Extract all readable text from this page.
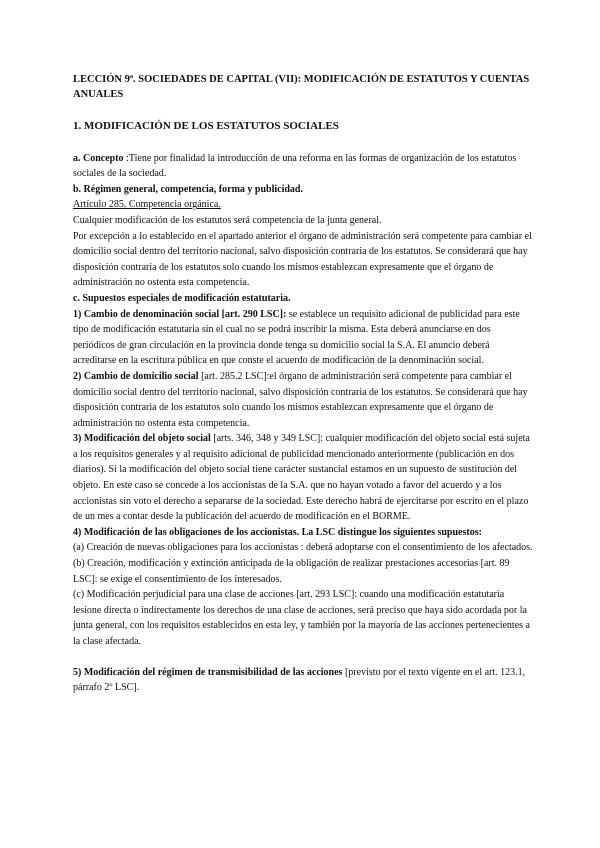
LECCIÓN 9ª. SOCIEDADES DE CAPITAL (VII): MODIFICACIÓN DE ESTATUTOS Y CUENTAS ANUALES

1. MODIFICACIÓN DE LOS ESTATUTOS SOCIALES

a. Concepto :Tiene por finalidad la introducción de una reforma en las formas de organización de los estatutos sociales de la sociedad.

b. Régimen general, competencia, forma y publicidad.

Artículo 285. Competencia orgánica.

Cualquier modificación de los estatutos será competencia de la junta general.

Por excepción a lo establecido en el apartado anterior el órgano de administración será competente para cambiar el domicilio social dentro del territorio nacional, salvo disposición contraria de los estatutos. Se considerará que hay disposición contraria de los estatutos solo cuando los mismos establezcan expresamente que el órgano de administración no ostenta esta competencia.

c. Supuestos especiales de modificación estatutaria.

1) Cambio de denominación social [art. 290 LSC]: se establece un requisito adicional de publicidad para este tipo de modificación estatutaria sin el cual no se podrá inscribir la misma. Esta deberá anunciarse en dos periódicos de gran circulación en la provincia donde tenga su domicilio social la S.A. El anuncio deberá acreditarse en la escritura pública en que conste el acuerdo de modificación de la denominación social.

2) Cambio de domicilio social [art. 285.2 LSC]:el órgano de administración será competente para cambiar el domicilio social dentro del territorio nacional, salvo disposición contraria de los estatutos. Se considerará que hay disposición contraria de los estatutos solo cuando los mismos establezcan expresamente que el órgano de administración no ostenta esta competencia.

3) Modificación del objeto social [arts. 346, 348 y 349 LSC]: cualquier modificación del objeto social está sujeta a los requisitos generales y al requisito adicional de publicidad mencionado anteriormente (publicación en dos diarios). Si la modificación del objeto social tiene carácter sustancial estamos en un supuesto de sustitución del objeto. En este caso se concede a los accionistas de la S.A. que no hayan votado a favor del acuerdo y a los accionistas sin voto el derecho a separarse de la sociedad. Este derecho habrá de ejercitarse por escrito en el plazo de un mes a contar desde la publicación del acuerdo de modificación en el BORME.

4) Modificación de las obligaciones de los accionistas. La LSC distingue los siguientes supuestos:

(a) Creación de nuevas obligaciones para los accionistas : deberá adoptarse con el consentimiento de los afectados.

(b) Creación, modificación y extinción anticipada de la obligación de realizar prestaciones accesorias [art. 89 LSC]: se exige el consentimiento de los interesados.

(c) Modificación perjudicial para una clase de acciones [art. 293 LSC]: cuando una modificación estatutaria lesione directa o indirectamente los derechos de una clase de acciones, será preciso que haya sido acordada por la junta general, con los requisitos establecidos en esta ley, y también por la mayoría de las acciones pertenecientes a la clase afectada.

5) Modificación del régimen de transmisibilidad de las acciones [previsto por el texto vigente en el art. 123.1, párrafo 2º LSC].
